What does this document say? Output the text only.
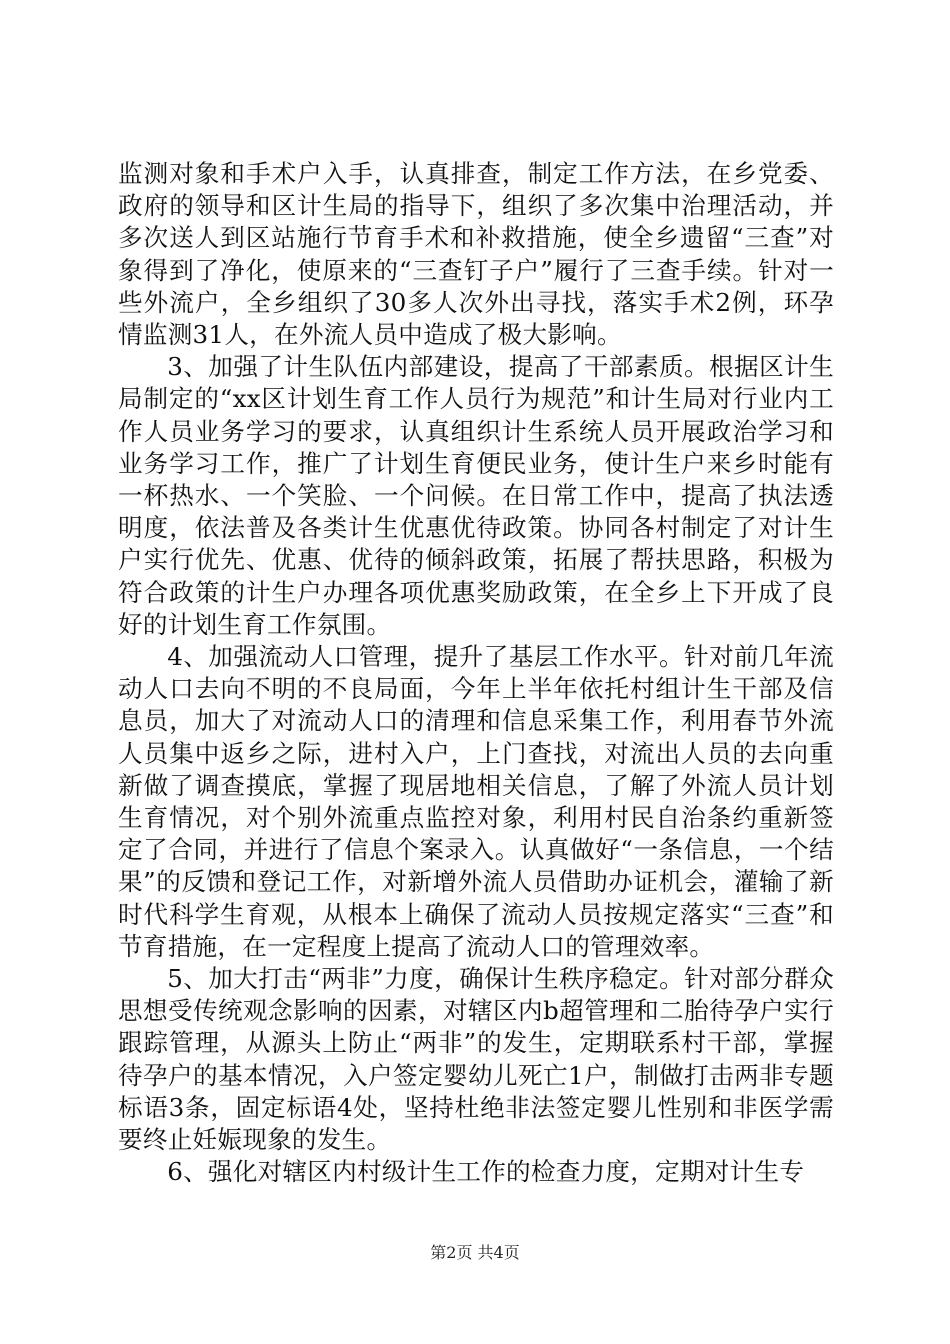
监测对象和手术户入手，认真排查，制定工作方法，在乡党委、政府的领导和区计生局的指导下，组织了多次集中治理活动，并多次送人到区站施行节育手术和补救措施，使全乡遗留“三查”对象得到了净化，使原来的“三查钉子户”履行了三查手续。针对一些外流户，全乡组织了30多人次外出寻找，落实手术2例，环孕情监测31人，在外流人员中造成了极大影响。

3、加强了计生队伍内部建设，提高了干部素质。根据区计生局制定的“xx区计划生育工作人员行为规范”和计生局对行业内工作人员业务学习的要求，认真组织计生系统人员开展政治学习和业务学习工作，推广了计划生育便民业务，使计生户来乡时能有一杯热水、一个笑脸、一个问候。在日常工作中，提高了执法透明度，依法普及各类计生优惠优待政策。协同各村制定了对计生户实行优先、优惠、优待的倾斜政策，拓展了帮扶思路，积极为符合政策的计生户办理各项优惠奖励政策，在全乡上下开成了良好的计划生育工作氛围。

4、加强流动人口管理，提升了基层工作水平。针对前几年流动人口去向不明的不良局面，今年上半年依托村组计生干部及信息员，加大了对流动人口的清理和信息采集工作，利用春节外流人员集中返乡之际，进村入户，上门查找，对流出人员的去向重新做了调查摸底，掌握了现居地相关信息，了解了外流人员计划生育情况，对个别外流重点监控对象，利用村民自治条约重新签定了合同，并进行了信息个案录入。认真做好“一条信息，一个结果”的反馈和登记工作，对新增外流人员借助办证机会，灌输了新时代科学生育观，从根本上确保了流动人员按规定落实“三查”和节育措施，在一定程度上提高了流动人口的管理效率。

5、加大打击“两非”力度，确保计生秩序稳定。针对部分群众思想受传统观念影响的因素，对辖区内b超管理和二胎待孕户实行跟踪管理，从源头上防止“两非”的发生，定期联系村干部，掌握待孕户的基本情况，入户签定婴幼儿死亡1户，制做打击两非专题标语3条，固定标语4处，坚持杜绝非法签定婴儿性别和非医学需要终止妊娠现象的发生。

6、强化对辖区内村级计生工作的检查力度，定期对计生专

第2页 共4页
